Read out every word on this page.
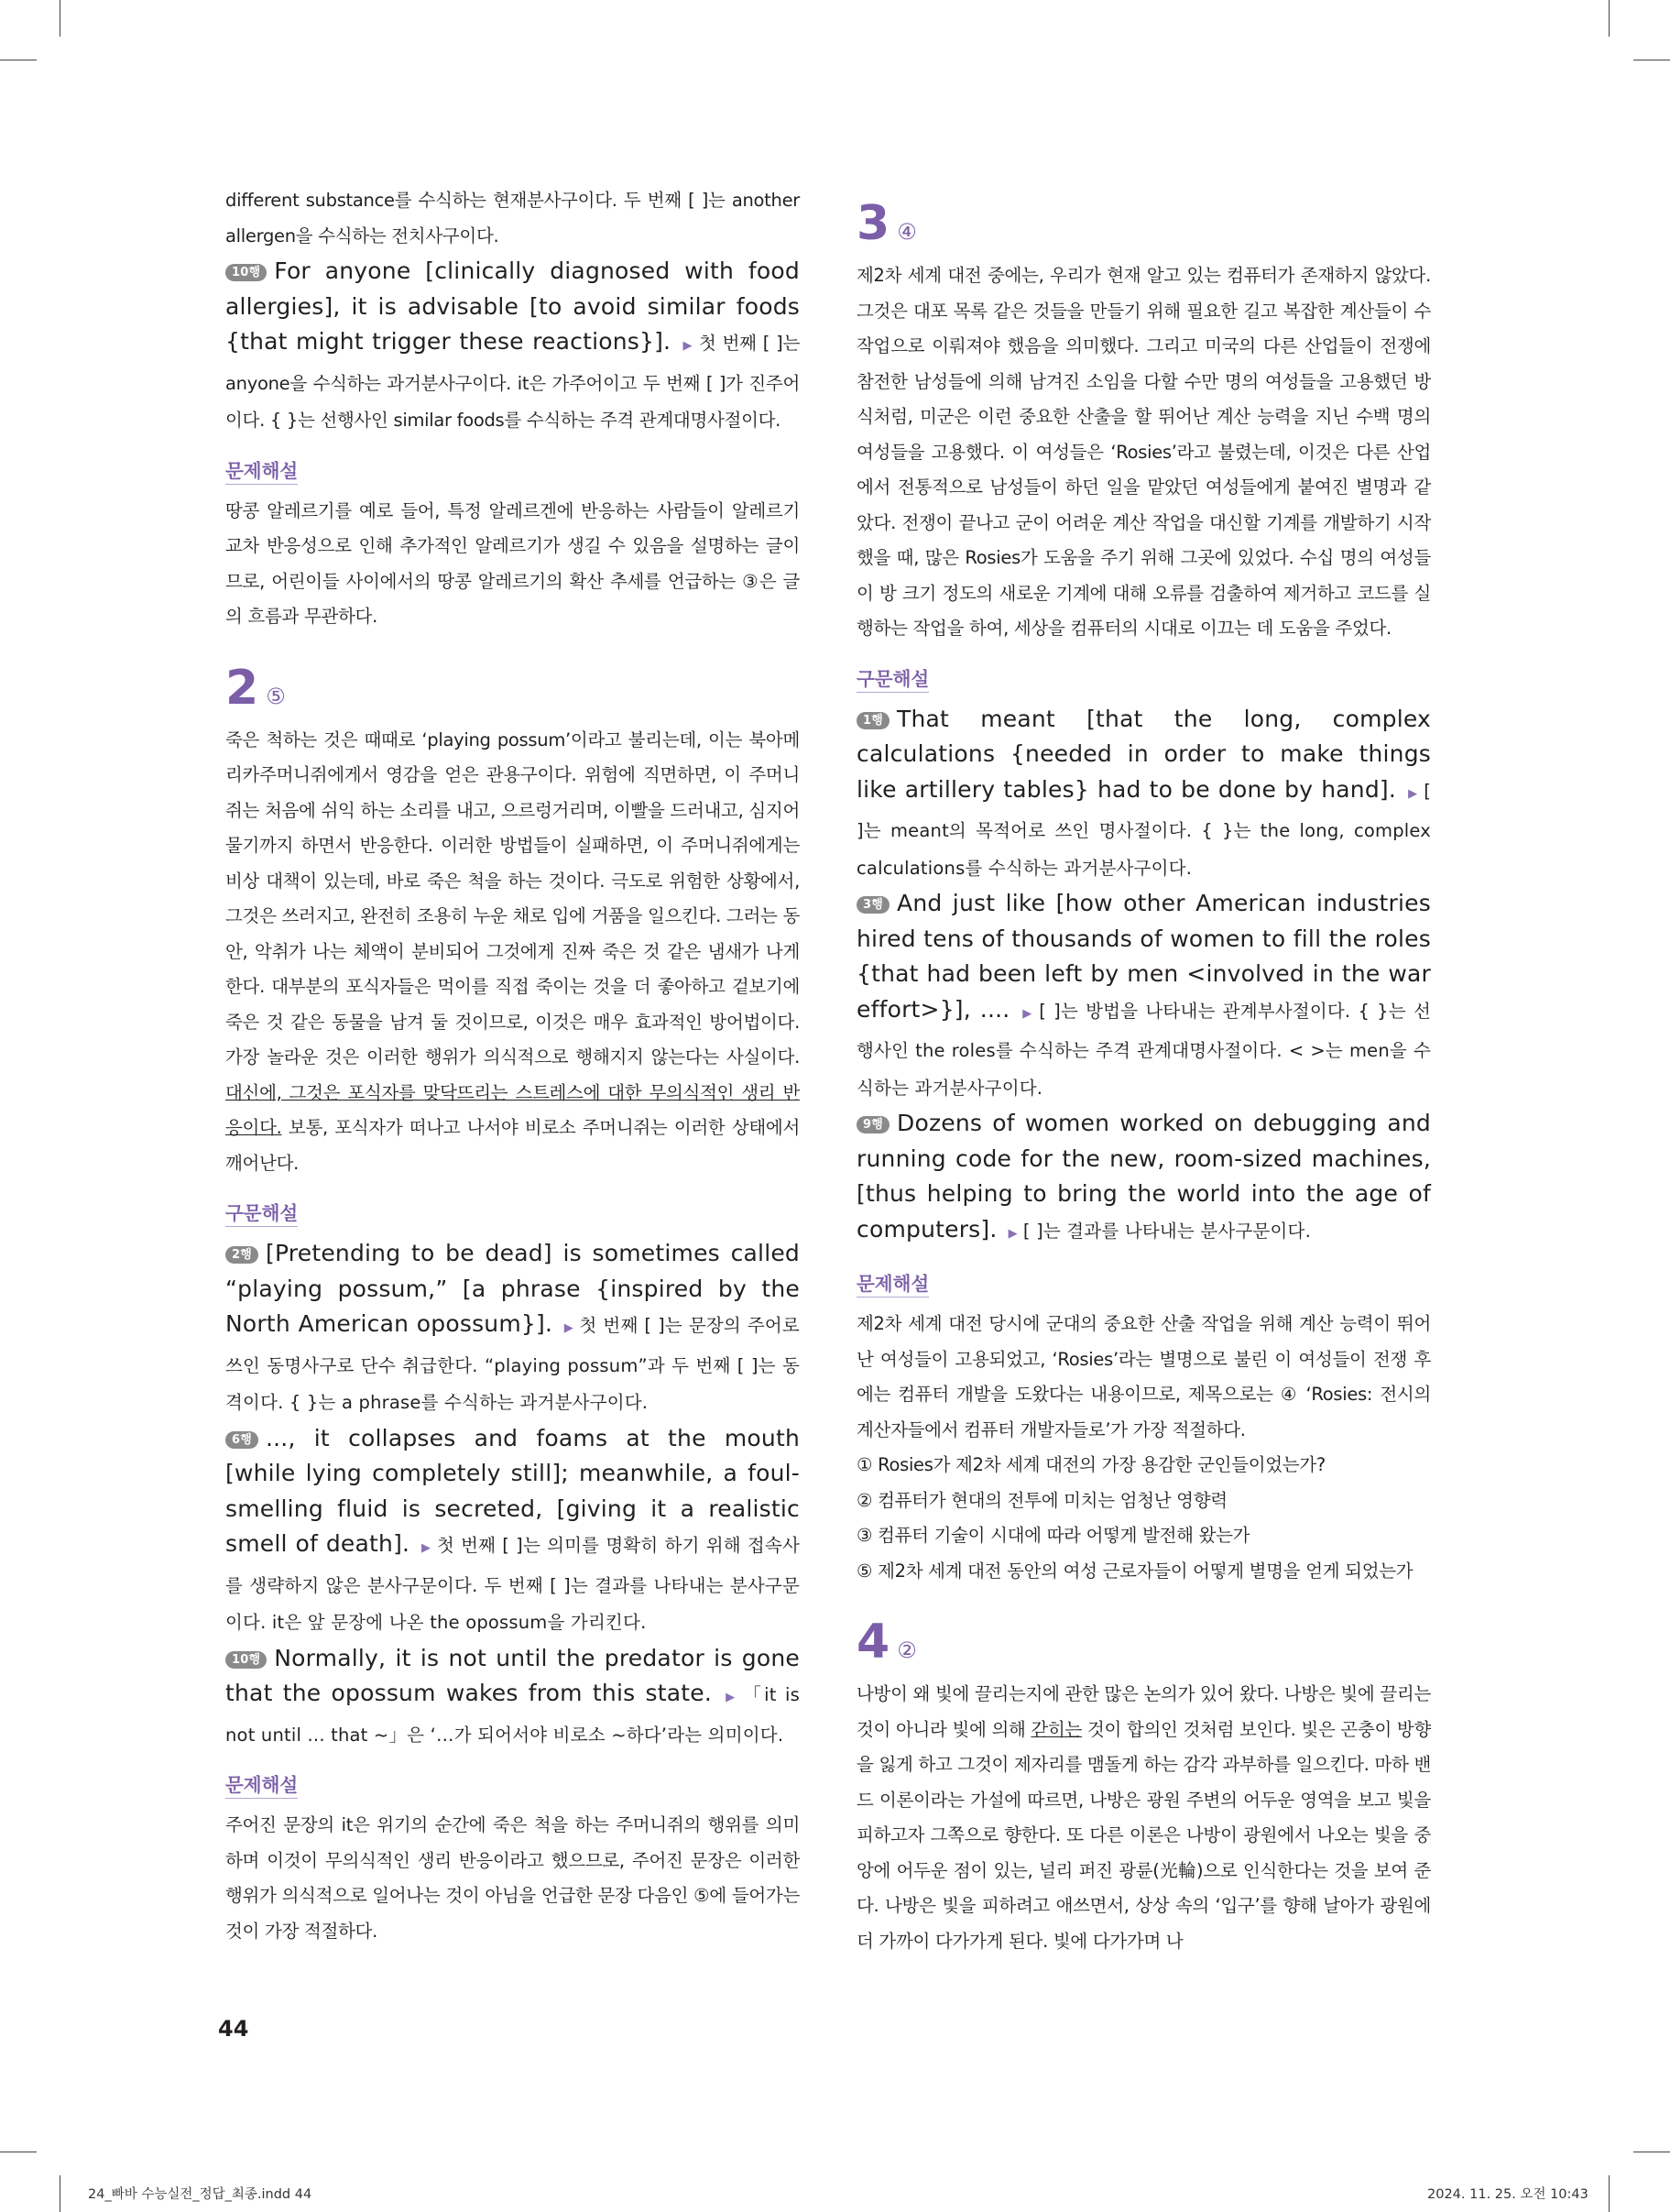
different substance를 수식하는 현재분사구이다. 두 번째 [ ]는 another allergen을 수식하는 전치사구이다.

10행 For anyone [clinically diagnosed with food allergies], it is advisable [to avoid similar foods {that might trigger these reactions}]. ▶ 첫 번째 [ ]는 anyone을 수식하는 과거분사구이다. it은 가주어이고 두 번째 [ ]가 진주어이다. { }는 선행사인 similar foods를 수식하는 주격 관계대명사절이다.

문제해설

땅콩 알레르기를 예로 들어, 특정 알레르겐에 반응하는 사람들이 알레르기 교차 반응성으로 인해 추가적인 알레르기가 생길 수 있음을 설명하는 글이므로, 어린이들 사이에서의 땅콩 알레르기의 확산 추세를 언급하는 ③은 글의 흐름과 무관하다.

2 ⑤

죽은 척하는 것은 때때로 ‘playing possum’이라고 불리는데, 이는 북아메리카주머니쥐에게서 영감을 얻은 관용구이다. 위험에 직면하면, 이 주머니쥐는 처음에 쉬익 하는 소리를 내고, 으르렁거리며, 이빨을 드러내고, 심지어 물기까지 하면서 반응한다. 이러한 방법들이 실패하면, 이 주머니쥐에게는 비상 대책이 있는데, 바로 죽은 척을 하는 것이다. 극도로 위험한 상황에서, 그것은 쓰러지고, 완전히 조용히 누운 채로 입에 거품을 일으킨다. 그러는 동안, 악취가 나는 체액이 분비되어 그것에게 진짜 죽은 것 같은 냄새가 나게 한다. 대부분의 포식자들은 먹이를 직접 죽이는 것을 더 좋아하고 겉보기에 죽은 것 같은 동물을 남겨 둘 것이므로, 이것은 매우 효과적인 방어법이다. 가장 놀라운 것은 이러한 행위가 의식적으로 행해지지 않는다는 사실이다. 대신에, 그것은 포식자를 맞닥뜨리는 스트레스에 대한 무의식적인 생리 반응이다. 보통, 포식자가 떠나고 나서야 비로소 주머니쥐는 이러한 상태에서 깨어난다.

구문해설

2행 [Pretending to be dead] is sometimes called “playing possum,” [a phrase {inspired by the North American opossum}]. ▶ 첫 번째 [ ]는 문장의 주어로 쓰인 동명사구로 단수 취급한다. “playing possum”과 두 번째 [ ]는 동격이다. { }는 a phrase를 수식하는 과거분사구이다.

6행 ..., it collapses and foams at the mouth [while lying completely still]; meanwhile, a foul-smelling fluid is secreted, [giving it a realistic smell of death]. ▶ 첫 번째 [ ]는 의미를 명확히 하기 위해 접속사를 생략하지 않은 분사구문이다. 두 번째 [ ]는 결과를 나타내는 분사구문이다. it은 앞 문장에 나온 the opossum을 가리킨다.

10행 Normally, it is not until the predator is gone that the opossum wakes from this state. ▶ 「it is not until ... that ~」은 ‘…가 되어서야 비로소 ~하다’라는 의미이다.

문제해설

주어진 문장의 it은 위기의 순간에 죽은 척을 하는 주머니쥐의 행위를 의미하며 이것이 무의식적인 생리 반응이라고 했으므로, 주어진 문장은 이러한 행위가 의식적으로 일어나는 것이 아님을 언급한 문장 다음인 ⑤에 들어가는 것이 가장 적절하다.

3 ④

제2차 세계 대전 중에는, 우리가 현재 알고 있는 컴퓨터가 존재하지 않았다. 그것은 대포 목록 같은 것들을 만들기 위해 필요한 길고 복잡한 계산들이 수작업으로 이뤄져야 했음을 의미했다. 그리고 미국의 다른 산업들이 전쟁에 참전한 남성들에 의해 남겨진 소임을 다할 수만 명의 여성들을 고용했던 방식처럼, 미군은 이런 중요한 산출을 할 뛰어난 계산 능력을 지닌 수백 명의 여성들을 고용했다. 이 여성들은 ‘Rosies’라고 불렸는데, 이것은 다른 산업에서 전통적으로 남성들이 하던 일을 맡았던 여성들에게 붙여진 별명과 같았다. 전쟁이 끝나고 군이 어려운 계산 작업을 대신할 기계를 개발하기 시작했을 때, 많은 Rosies가 도움을 주기 위해 그곳에 있었다. 수십 명의 여성들이 방 크기 정도의 새로운 기계에 대해 오류를 검출하여 제거하고 코드를 실행하는 작업을 하여, 세상을 컴퓨터의 시대로 이끄는 데 도움을 주었다.

구문해설

1행 That meant [that the long, complex calculations {needed in order to make things like artillery tables} had to be done by hand]. ▶ [ ]는 meant의 목적어로 쓰인 명사절이다. { }는 the long, complex calculations를 수식하는 과거분사구이다.

3행 And just like [how other American industries hired tens of thousands of women to fill the roles {that had been left by men <involved in the war effort>}], .... ▶ [ ]는 방법을 나타내는 관계부사절이다. { }는 선행사인 the roles를 수식하는 주격 관계대명사절이다. < >는 men을 수식하는 과거분사구이다.

9행 Dozens of women worked on debugging and running code for the new, room-sized machines, [thus helping to bring the world into the age of computers]. ▶ [ ]는 결과를 나타내는 분사구문이다.

문제해설

제2차 세계 대전 당시에 군대의 중요한 산출 작업을 위해 계산 능력이 뛰어난 여성들이 고용되었고, ‘Rosies’라는 별명으로 불린 이 여성들이 전쟁 후에는 컴퓨터 개발을 도왔다는 내용이므로, 제목으로는 ④ ‘Rosies: 전시의 계산자들에서 컴퓨터 개발자들로’가 가장 적절하다.

① Rosies가 제2차 세계 대전의 가장 용감한 군인들이었는가?

② 컴퓨터가 현대의 전투에 미치는 엄청난 영향력

③ 컴퓨터 기술이 시대에 따라 어떻게 발전해 왔는가

⑤ 제2차 세계 대전 동안의 여성 근로자들이 어떻게 별명을 얻게 되었는가

4 ②

나방이 왜 빛에 끌리는지에 관한 많은 논의가 있어 왔다. 나방은 빛에 끌리는 것이 아니라 빛에 의해 갇히는 것이 합의인 것처럼 보인다. 빛은 곤충이 방향을 잃게 하고 그것이 제자리를 맴돌게 하는 감각 과부하를 일으킨다. 마하 밴드 이론이라는 가설에 따르면, 나방은 광원 주변의 어두운 영역을 보고 빛을 피하고자 그쪽으로 향한다. 또 다른 이론은 나방이 광원에서 나오는 빛을 중앙에 어두운 점이 있는, 널리 퍼진 광륜(光輪)으로 인식한다는 것을 보여 준다. 나방은 빛을 피하려고 애쓰면서, 상상 속의 ‘입구’를 향해 날아가 광원에 더 가까이 다가가게 된다. 빛에 다가가며 나

44
24_빠바 수능실전_정답_최종.indd 44	2024. 11. 25. 오전 10:43
